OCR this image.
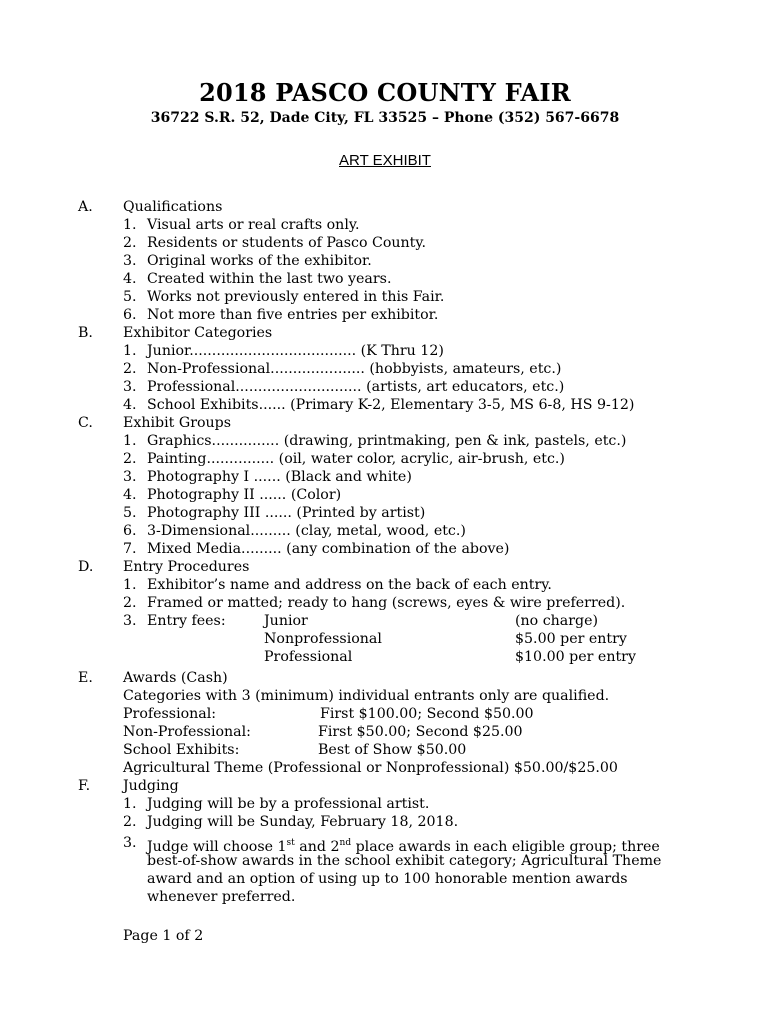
2018 PASCO COUNTY FAIR
36722 S.R. 52, Dade City, FL 33525 – Phone (352) 567-6678
ART EXHIBIT
A. Qualifications
1. Visual arts or real crafts only.
2. Residents or students of Pasco County.
3. Original works of the exhibitor.
4. Created within the last two years.
5. Works not previously entered in this Fair.
6. Not more than five entries per exhibitor.
B. Exhibitor Categories
1. Junior..................................... (K Thru 12)
2. Non-Professional..................... (hobbyists, amateurs, etc.)
3. Professional............................ (artists, art educators, etc.)
4. School Exhibits...... (Primary K-2, Elementary 3-5, MS 6-8, HS 9-12)
C. Exhibit Groups
1. Graphics............... (drawing, printmaking, pen & ink, pastels, etc.)
2. Painting............... (oil, water color, acrylic, air-brush, etc.)
3. Photography I ...... (Black and white)
4. Photography II ...... (Color)
5. Photography III ...... (Printed by artist)
6. 3-Dimensional......... (clay, metal, wood, etc.)
7. Mixed Media......... (any combination of the above)
D. Entry Procedures
1. Exhibitor’s name and address on the back of each entry.
2. Framed or matted; ready to hang (screws, eyes & wire preferred).
3. Entry fees:	Junior	(no charge)
Nonprofessional	$5.00 per entry
Professional	$10.00 per entry
E. Awards (Cash)
Categories with 3 (minimum) individual entrants only are qualified.
Professional:	First $100.00; Second $50.00
Non-Professional:	First $50.00; Second $25.00
School Exhibits:	Best of Show $50.00
Agricultural Theme (Professional or Nonprofessional) $50.00/$25.00
F. Judging
1. Judging will be by a professional artist.
2. Judging will be Sunday, February 18, 2018.
3. Judge will choose 1st and 2nd place awards in each eligible group; three
best-of-show awards in the school exhibit category; Agricultural Theme
award and an option of using up to 100 honorable mention awards
whenever preferred.
Page 1 of 2
